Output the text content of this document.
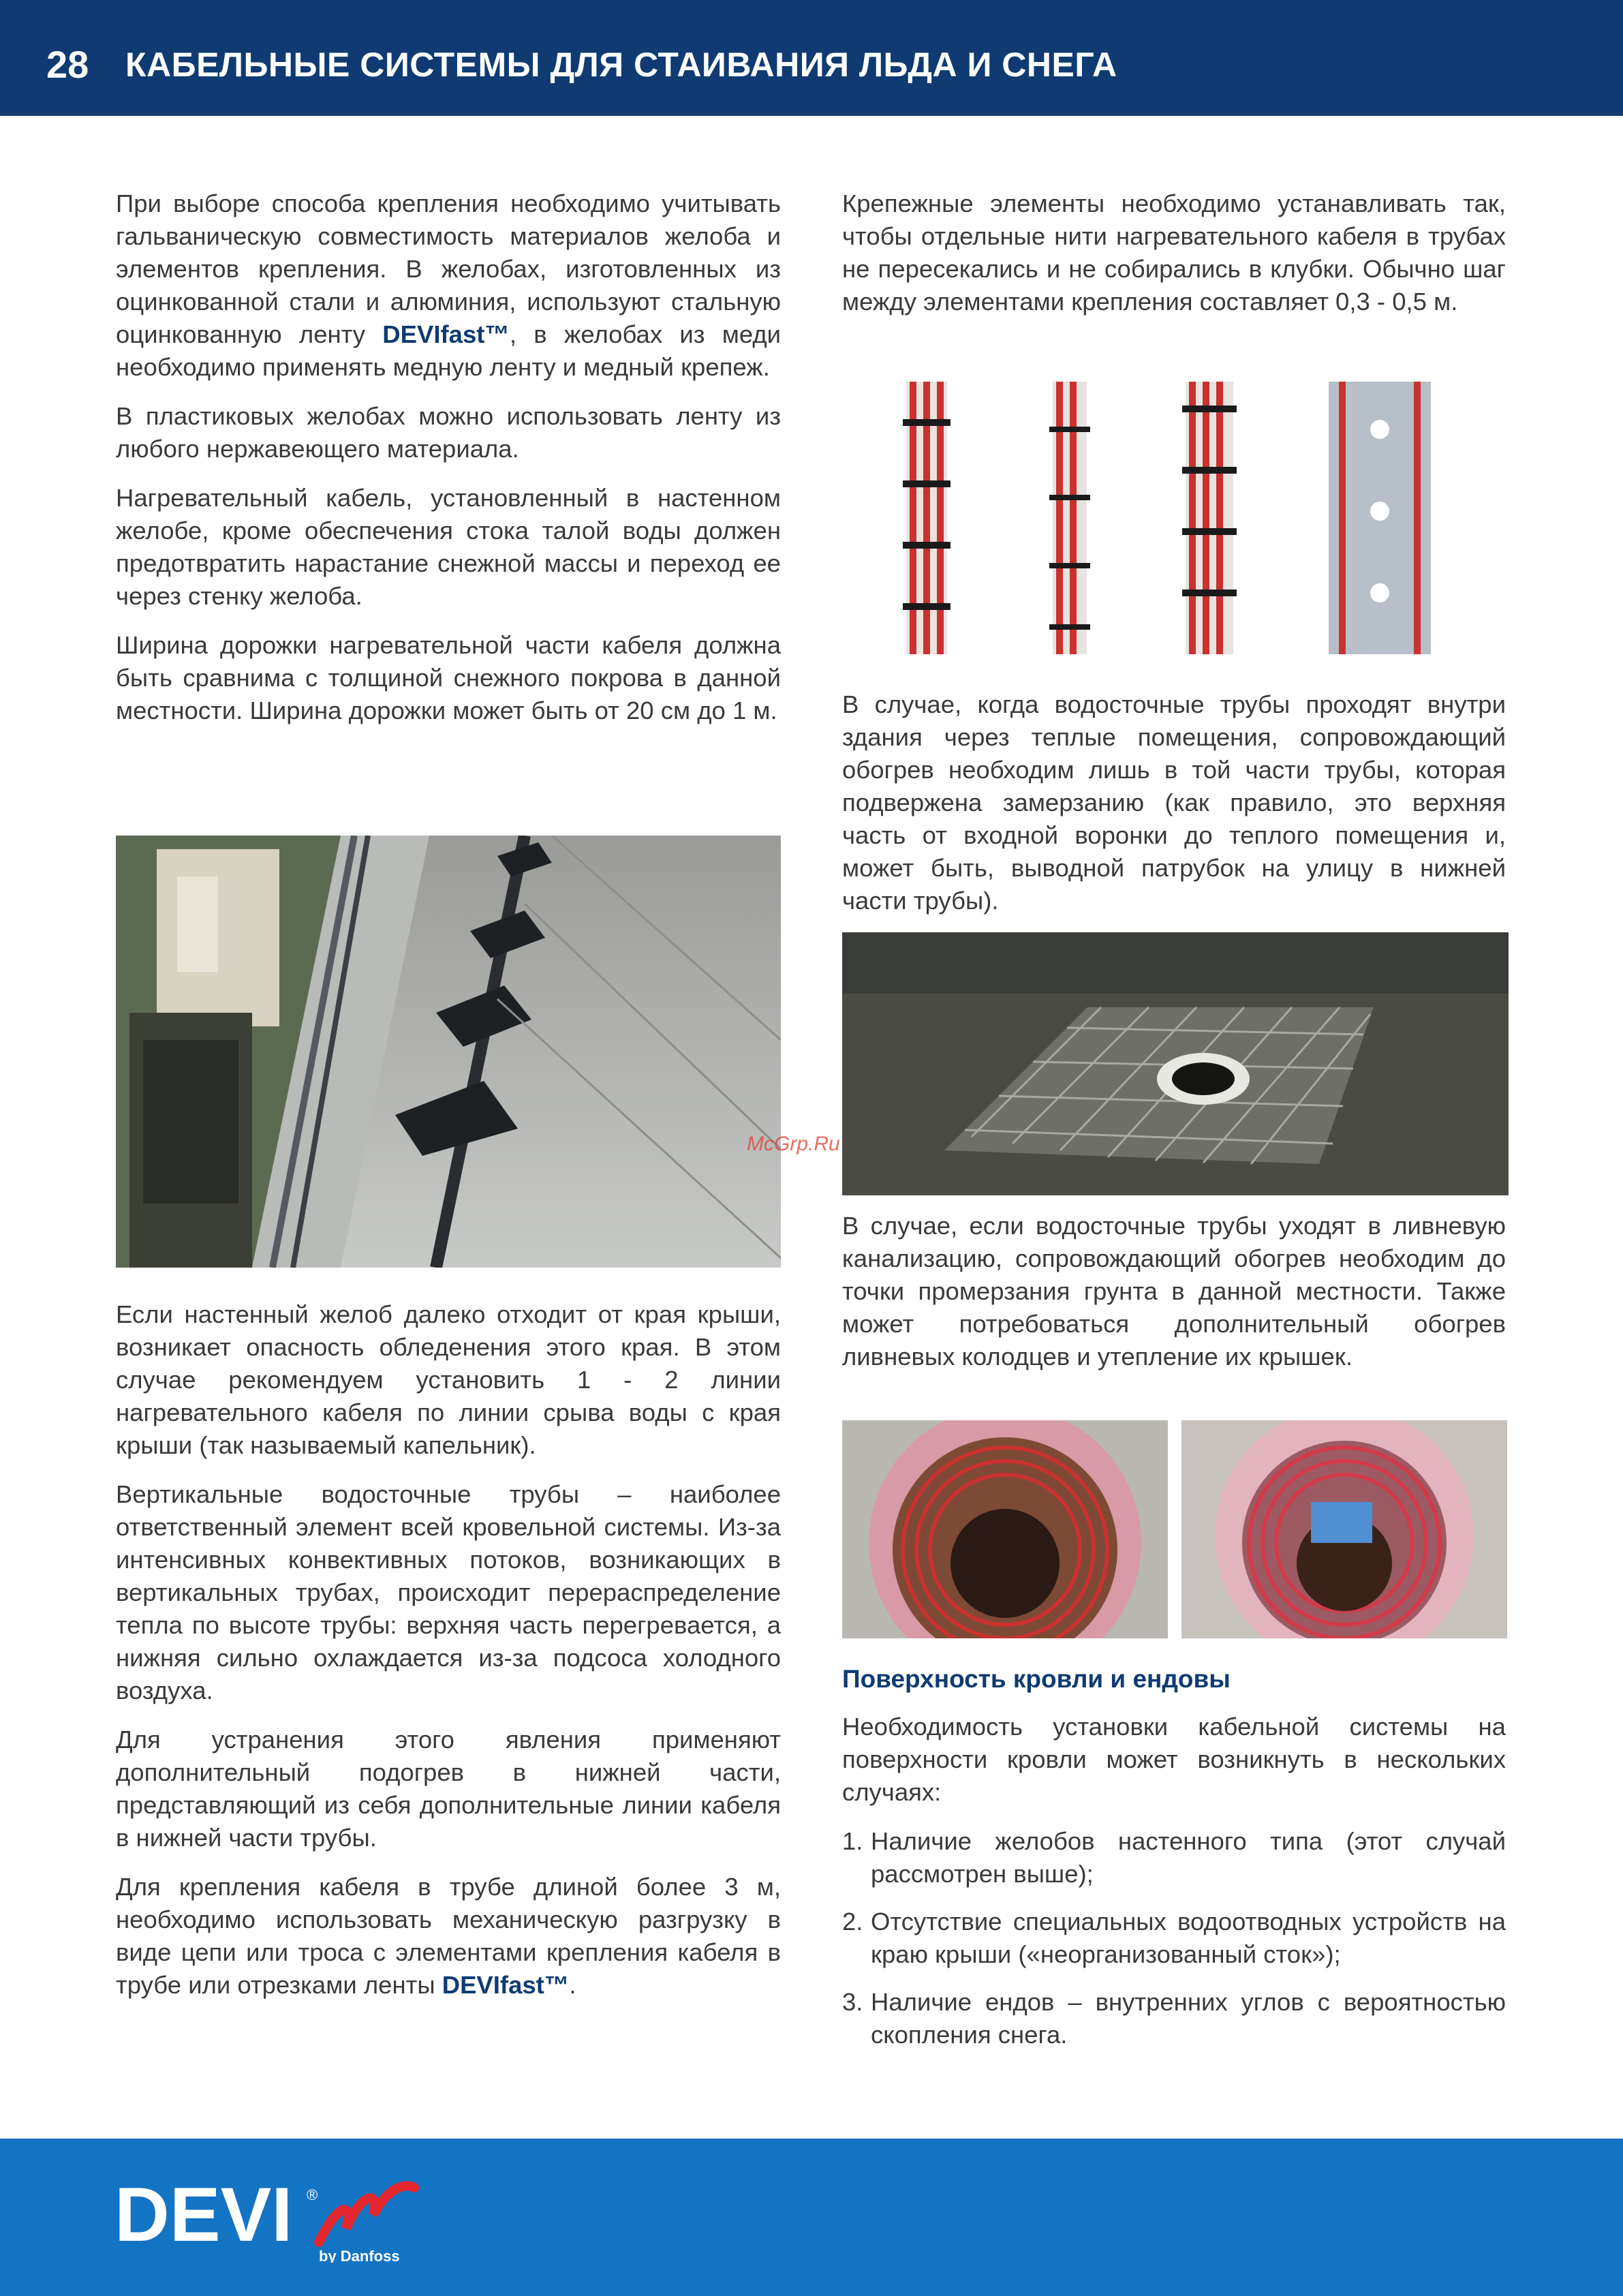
28 КАБЕЛЬНЫЕ СИСТЕМЫ ДЛЯ СТАИВАНИЯ ЛЬДА И СНЕГА

При выборе способа крепления необходимо учитывать гальваническую совместимость материалов желоба и элементов крепления. В желобах, изготовленных из оцинкованной стали и алюминия, используют стальную оцинкованную ленту DEVIfast™, в желобах из меди необходимо применять медную ленту и медный крепеж.

В пластиковых желобах можно использовать ленту из любого нержавеющего материала.

Нагревательный кабель, установленный в настенном желобе, кроме обеспечения стока талой воды должен предотвратить нарастание снежной массы и переход ее через стенку желоба.

Ширина дорожки нагревательной части кабеля должна быть сравнима с толщиной снежного покрова в данной местности. Ширина дорожки может быть от 20 см до 1 м.

Если настенный желоб далеко отходит от края крыши, возникает опасность обледенения этого края. В этом случае рекомендуем установить 1 - 2 линии нагревательного кабеля по линии срыва воды с края крыши (так называемый капельник).

Вертикальные водосточные трубы – наиболее ответственный элемент всей кровельной системы. Из-за интенсивных конвективных потоков, возникающих в вертикальных трубах, происходит перераспределение тепла по высоте трубы: верхняя часть перегревается, а нижняя сильно охлаждается из-за подсоса холодного воздуха.

Для устранения этого явления применяют дополнительный подогрев в нижней части, представляющий из себя дополнительные линии кабеля в нижней части трубы.

Для крепления кабеля в трубе длиной более 3 м, необходимо использовать механическую разгрузку в виде цепи или троса с элементами крепления кабеля в трубе или отрезками ленты DEVIfast™.

Крепежные элементы необходимо устанавливать так, чтобы отдельные нити нагревательного кабеля в трубах не пересекались и не собирались в клубки. Обычно шаг между элементами крепления составляет 0,3 - 0,5 м.

В случае, когда водосточные трубы проходят внутри здания через теплые помещения, сопровождающий обогрев необходим лишь в той части трубы, которая подвержена замерзанию (как правило, это верхняя часть от входной воронки до теплого помещения и, может быть, выводной патрубок на улицу в нижней части трубы).

В случае, если водосточные трубы уходят в ливневую канализацию, сопровождающий обогрев необходим до точки промерзания грунта в данной местности. Также может потребоваться дополнительный обогрев ливневых колодцев и утепление их крышек.

Поверхность кровли и ендовы

Необходимость установки кабельной системы на поверхности кровли может возникнуть в нескольких случаях:

1. Наличие желобов настенного типа (этот случай рассмотрен выше);
2. Отсутствие специальных водоотводных устройств на краю крыши («неорганизованный сток»);
3. Наличие ендов – внутренних углов с вероятностью скопления снега.
McGrp.Ru
DEVI ®
by Danfoss
